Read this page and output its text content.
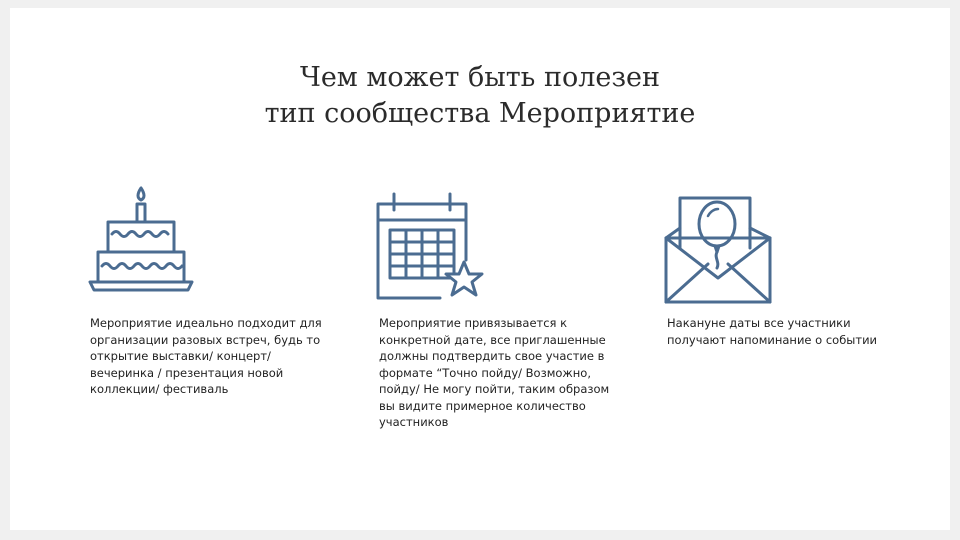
Чем может быть полезен
тип сообщества Мероприятие
Мероприятие идеально подходит для организации разовых встреч, будь то открытие выставки/ концерт/ вечеринка / презентация новой коллекции/ фестиваль
Мероприятие привязывается к конкретной дате, все приглашенные должны подтвердить свое участие в формате “Точно пойду/ Возможно, пойду/ Не могу пойти, таким образом вы видите примерное количество участников
Накануне даты все участники получают напоминание о событии
